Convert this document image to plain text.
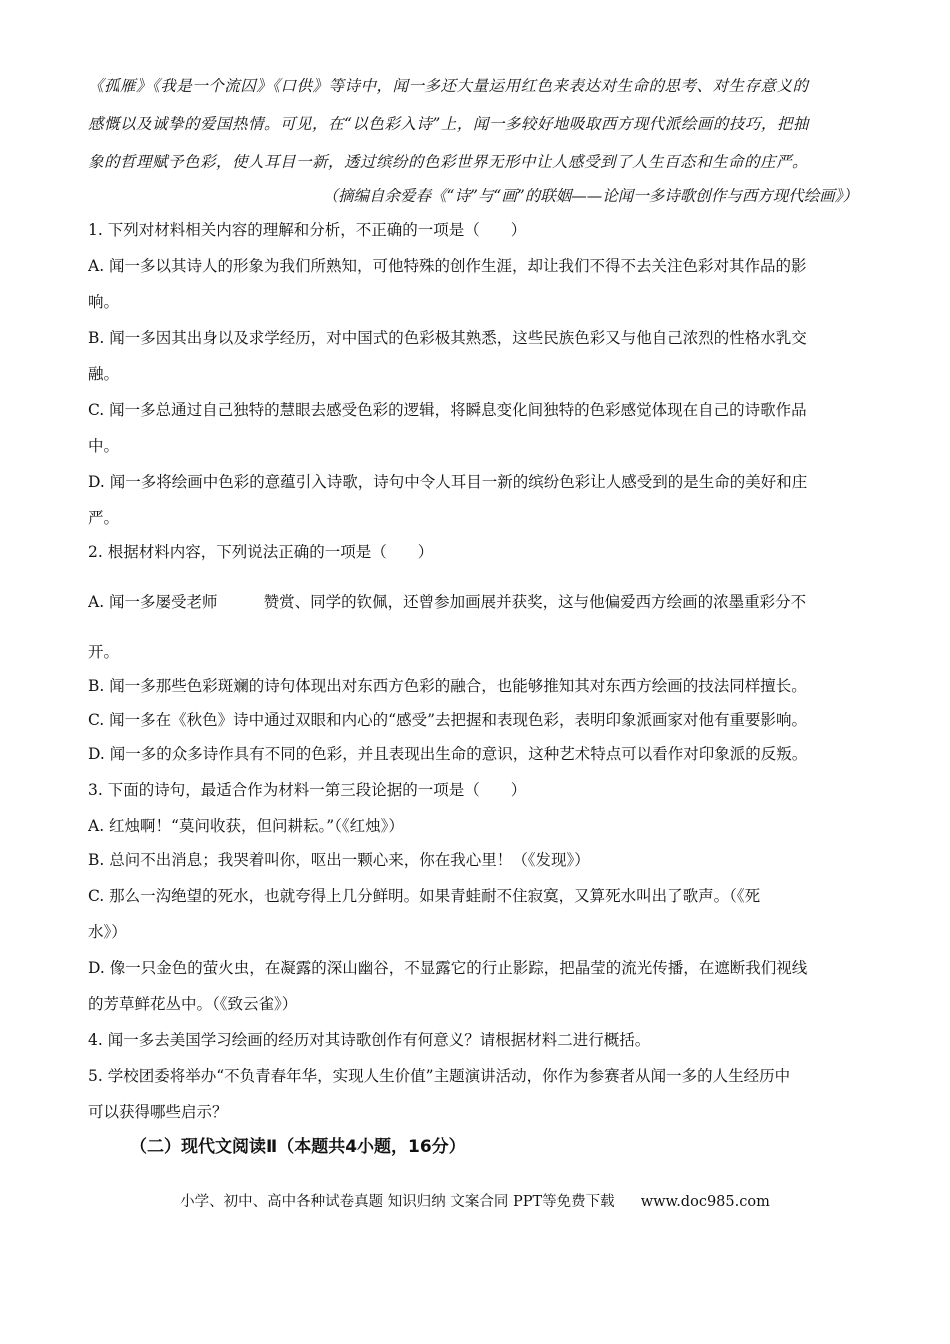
《孤雁》《我是一个流囚》《口供》等诗中，闻一多还大量运用红色来表达对生命的思考、对生存意义的
感慨以及诚挚的爱国热情。可见，在“以色彩入诗”上，闻一多较好地吸取西方现代派绘画的技巧，把抽
象的哲理赋予色彩，使人耳目一新，透过缤纷的色彩世界无形中让人感受到了人生百态和生命的庄严。
（摘编自余爱春《“诗”与“画”的联姻——论闻一多诗歌创作与西方现代绘画》）
1. 下列对材料相关内容的理解和分析，不正确的一项是（　　）
A. 闻一多以其诗人的形象为我们所熟知，可他特殊的创作生涯，却让我们不得不去关注色彩对其作品的影
响。
B. 闻一多因其出身以及求学经历，对中国式的色彩极其熟悉，这些民族色彩又与他自己浓烈的性格水乳交
融。
C. 闻一多总通过自己独特的慧眼去感受色彩的逻辑，将瞬息变化间独特的色彩感觉体现在自己的诗歌作品
中。
D. 闻一多将绘画中色彩的意蕴引入诗歌，诗句中令人耳目一新的缤纷色彩让人感受到的是生命的美好和庄
严。
2. 根据材料内容，下列说法正确的一项是（　　）
A. 闻一多屡受老师	赞赏、同学的钦佩，还曾参加画展并获奖，这与他偏爱西方绘画的浓墨重彩分不
开。
B. 闻一多那些色彩斑斓的诗句体现出对东西方色彩的融合，也能够推知其对东西方绘画的技法同样擅长。
C. 闻一多在《秋色》诗中通过双眼和内心的“感受”去把握和表现色彩，表明印象派画家对他有重要影响。
D. 闻一多的众多诗作具有不同的色彩，并且表现出生命的意识，这种艺术特点可以看作对印象派的反叛。
3. 下面的诗句，最适合作为材料一第三段论据的一项是（　　）
A. 红烛啊！“莫问收获，但问耕耘。”（《红烛》）
B. 总问不出消息；我哭着叫你，呕出一颗心来，你在我心里！（《发现》）
C. 那么一沟绝望的死水，也就夸得上几分鲜明。如果青蛙耐不住寂寞，又算死水叫出了歌声。（《死
水》）
D. 像一只金色的萤火虫，在凝露的深山幽谷，不显露它的行止影踪，把晶莹的流光传播，在遮断我们视线
的芳草鲜花丛中。（《致云雀》）
4. 闻一多去美国学习绘画的经历对其诗歌创作有何意义？请根据材料二进行概括。
5. 学校团委将举办“不负青春年华，实现人生价值”主题演讲活动，你作为参赛者从闻一多的人生经历中
可以获得哪些启示？
（二）现代文阅读Ⅱ（本题共4小题，16分）
小学、初中、高中各种试卷真题 知识归纳 文案合同 PPT等免费下载 www.doc985.com
